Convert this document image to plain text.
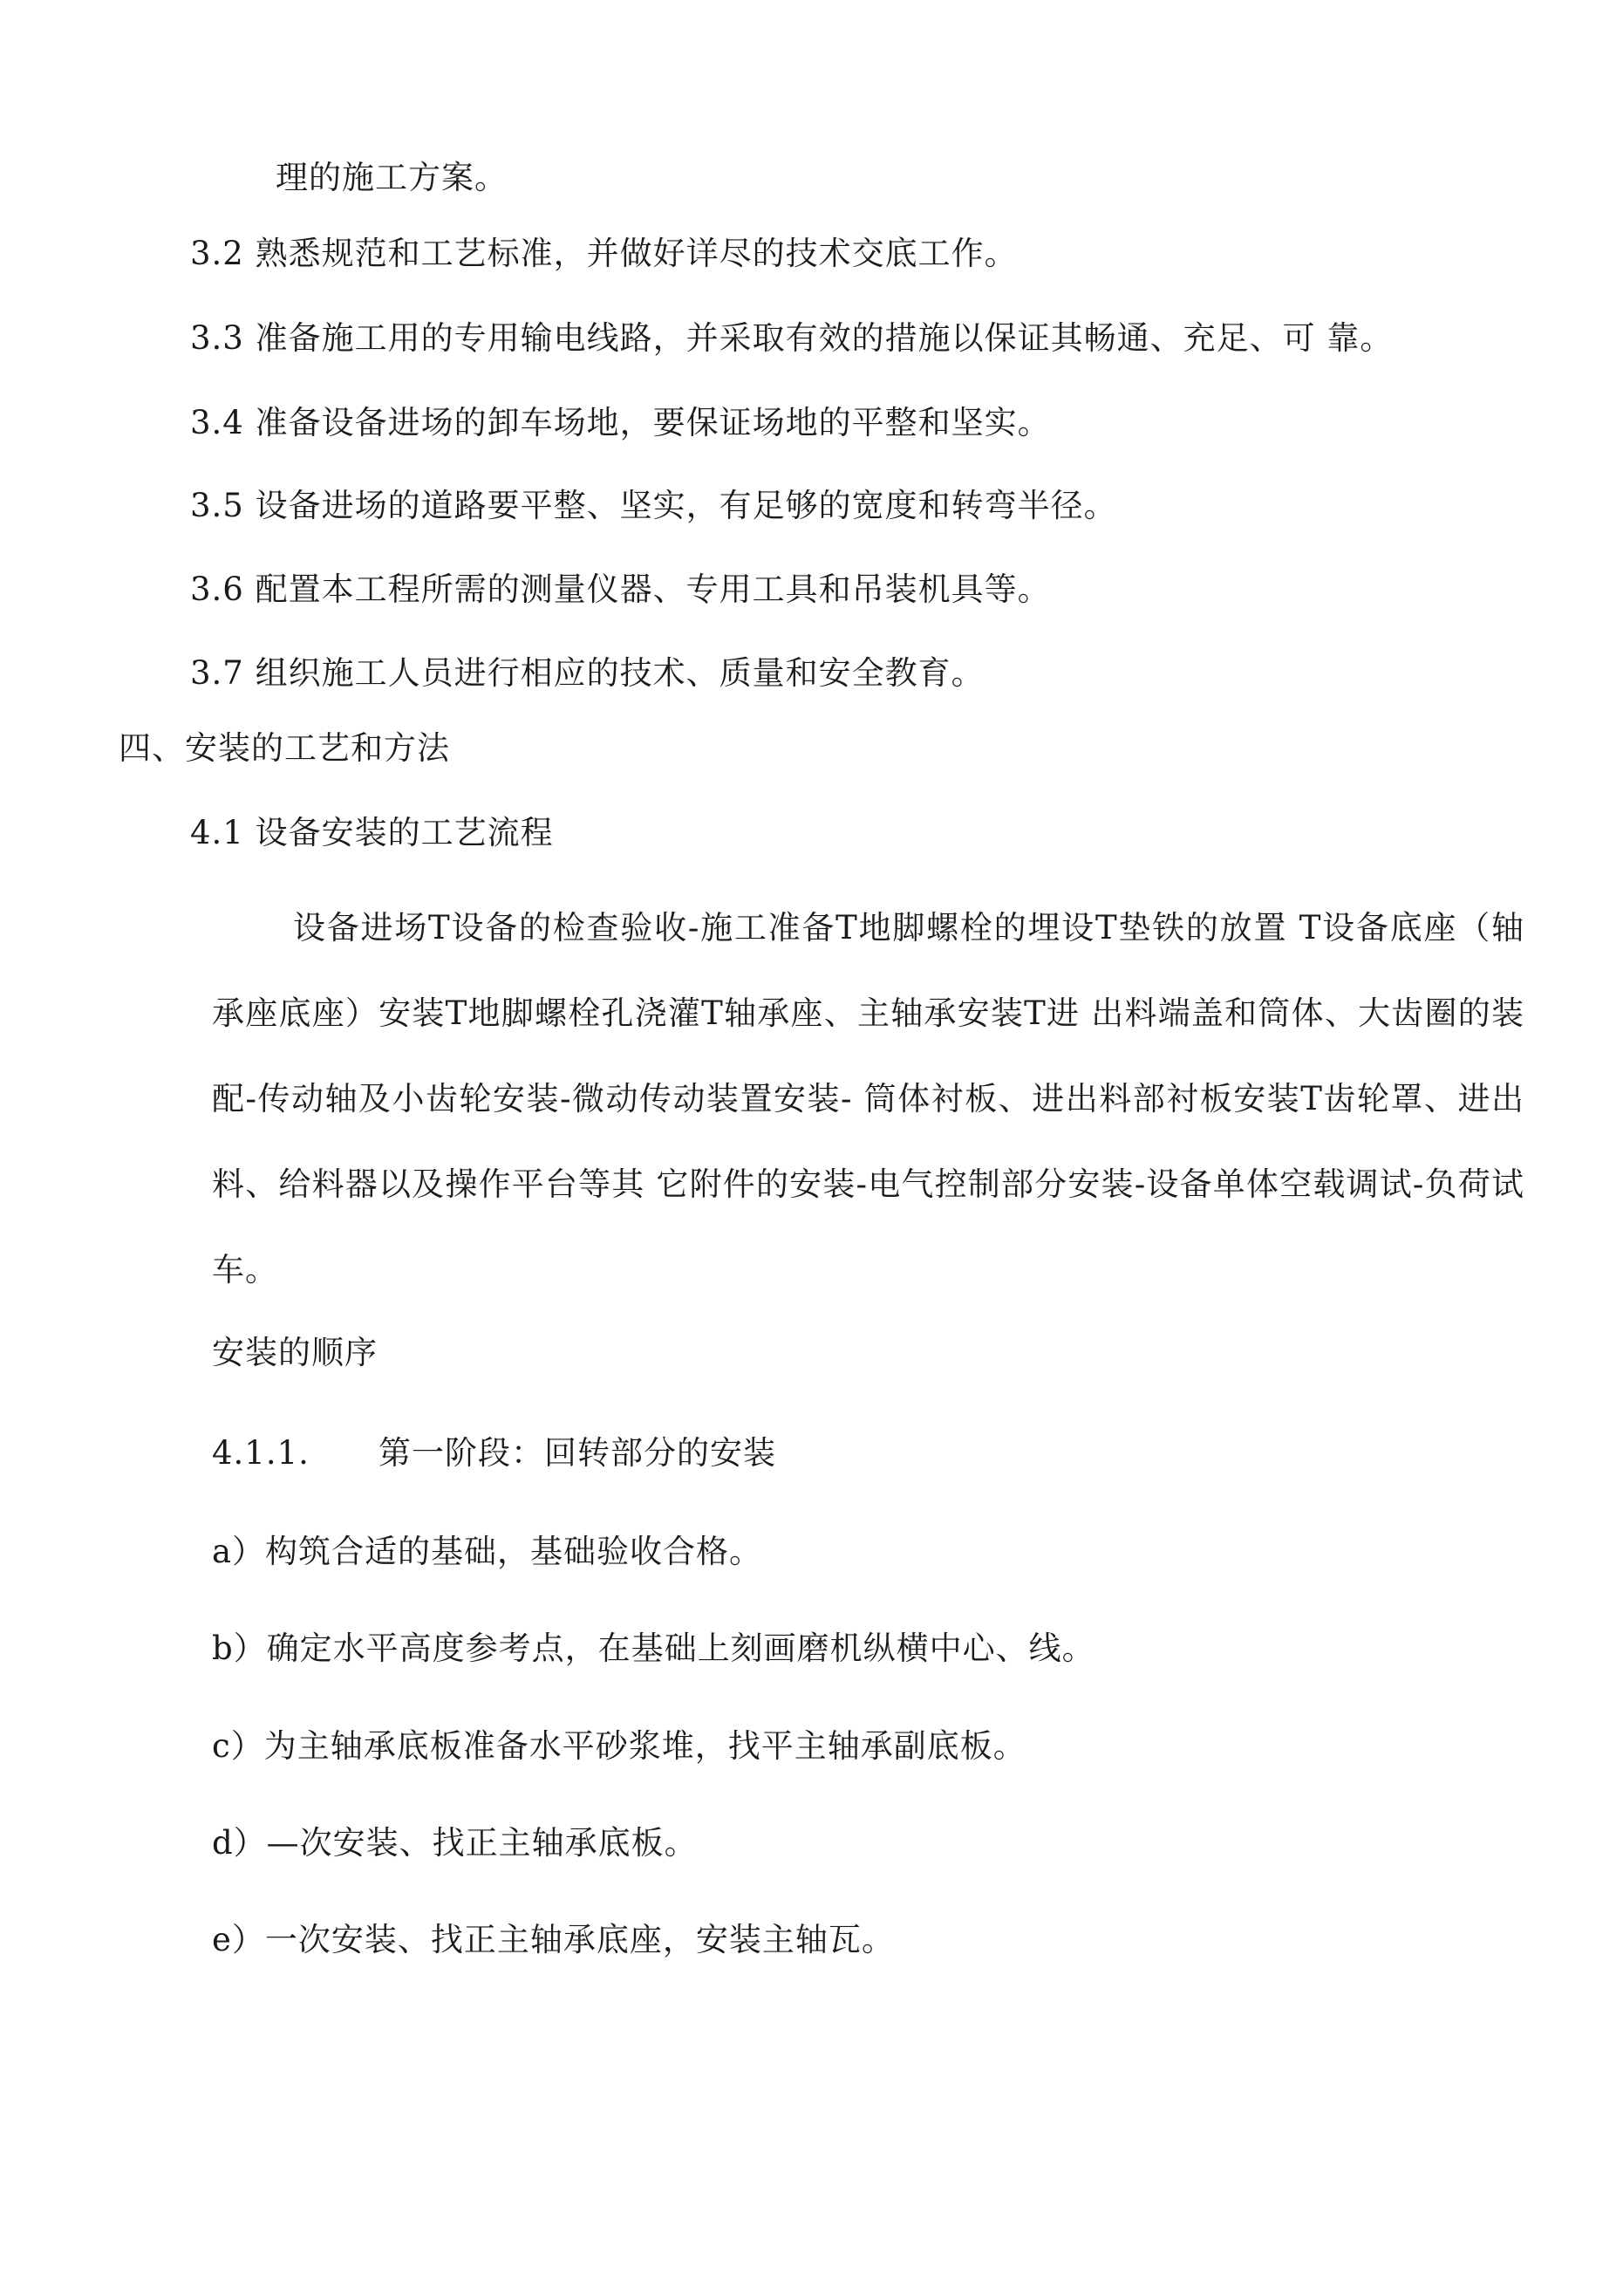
理的施工方案。
3.2 熟悉规范和工艺标准，并做好详尽的技术交底工作。
3.3 准备施工用的专用输电线路，并采取有效的措施以保证其畅通、充足、可 靠。
3.4 准备设备进场的卸车场地，要保证场地的平整和坚实。
3.5 设备进场的道路要平整、坚实，有足够的宽度和转弯半径。
3.6 配置本工程所需的测量仪器、专用工具和吊装机具等。
3.7 组织施工人员进行相应的技术、质量和安全教育。
四、安装的工艺和方法
4.1 设备安装的工艺流程
设备进场T设备的检查验收-施工准备T地脚螺栓的埋设T垫铁的放置 T设备底座（轴承座底座）安装T地脚螺栓孔浇灌T轴承座、主轴承安装T进 出料端盖和筒体、大齿圈的装配-传动轴及小齿轮安装-微动传动装置安装- 筒体衬板、进出料部衬板安装T齿轮罩、进出料、给料器以及操作平台等其 它附件的安装-电气控制部分安装-设备单体空载调试-负荷试车。
安装的顺序
4.1.1. 第一阶段：回转部分的安装
a）构筑合适的基础，基础验收合格。
b）确定水平高度参考点，在基础上刻画磨机纵横中心、线。
c）为主轴承底板准备水平砂浆堆，找平主轴承副底板。
d）—次安装、找正主轴承底板。
e）一次安装、找正主轴承底座，安装主轴瓦。
